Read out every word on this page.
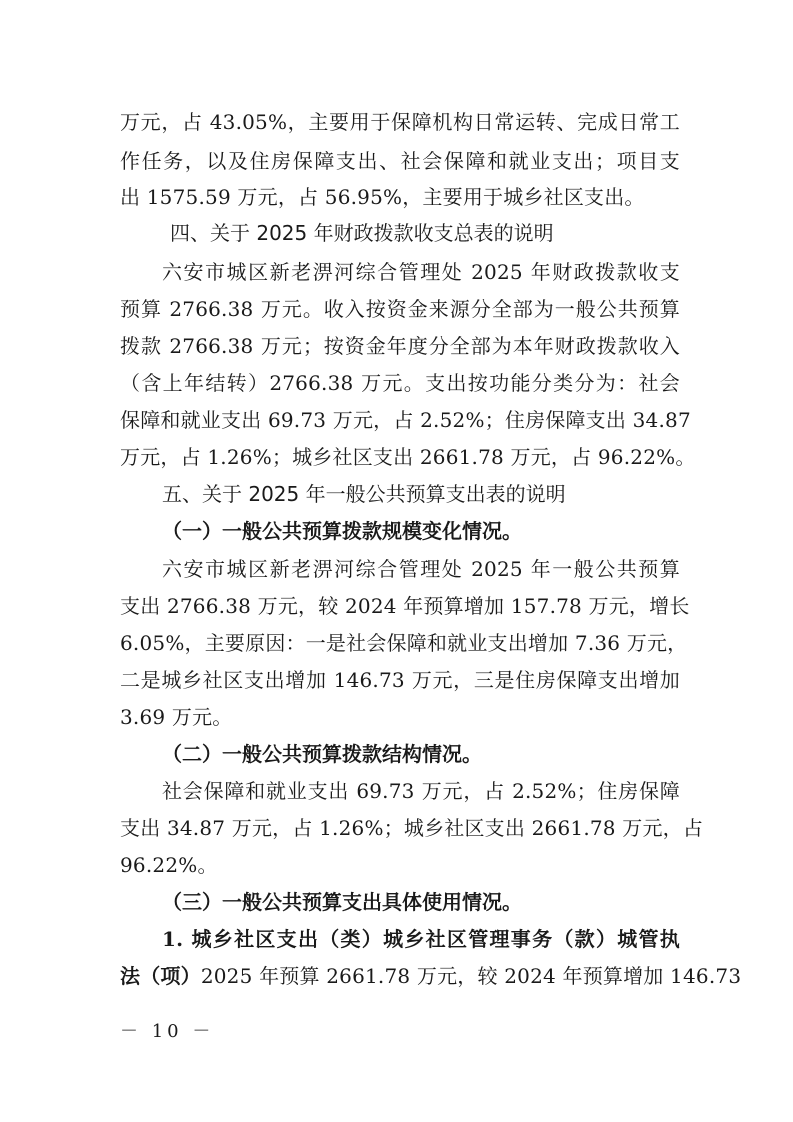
万元，占 43.05%，主要用于保障机构日常运转、完成日常工
作任务，以及住房保障支出、社会保障和就业支出；项目支
出 1575.59 万元，占 56.95%，主要用于城乡社区支出。
四、关于 2025 年财政拨款收支总表的说明
六安市城区新老淠河综合管理处 2025 年财政拨款收支
预算 2766.38 万元。收入按资金来源分全部为一般公共预算
拨款 2766.38 万元；按资金年度分全部为本年财政拨款收入
（含上年结转）2766.38 万元。支出按功能分类分为：社会
保障和就业支出 69.73 万元，占 2.52%；住房保障支出 34.87
万元，占 1.26%；城乡社区支出 2661.78 万元，占 96.22%。
五、关于 2025 年一般公共预算支出表的说明
（一）一般公共预算拨款规模变化情况。
六安市城区新老淠河综合管理处 2025 年一般公共预算
支出 2766.38 万元，较 2024 年预算增加 157.78 万元，增长
6.05%，主要原因：一是社会保障和就业支出增加 7.36 万元，
二是城乡社区支出增加 146.73 万元，三是住房保障支出增加
3.69 万元。
（二）一般公共预算拨款结构情况。
社会保障和就业支出 69.73 万元，占 2.52%；住房保障
支出 34.87 万元，占 1.26%；城乡社区支出 2661.78 万元，占
96.22%。
（三）一般公共预算支出具体使用情况。
1. 城乡社区支出（类）城乡社区管理事务（款）城管执
法（项）2025 年预算 2661.78 万元，较 2024 年预算增加 146.73
－ 10 －
